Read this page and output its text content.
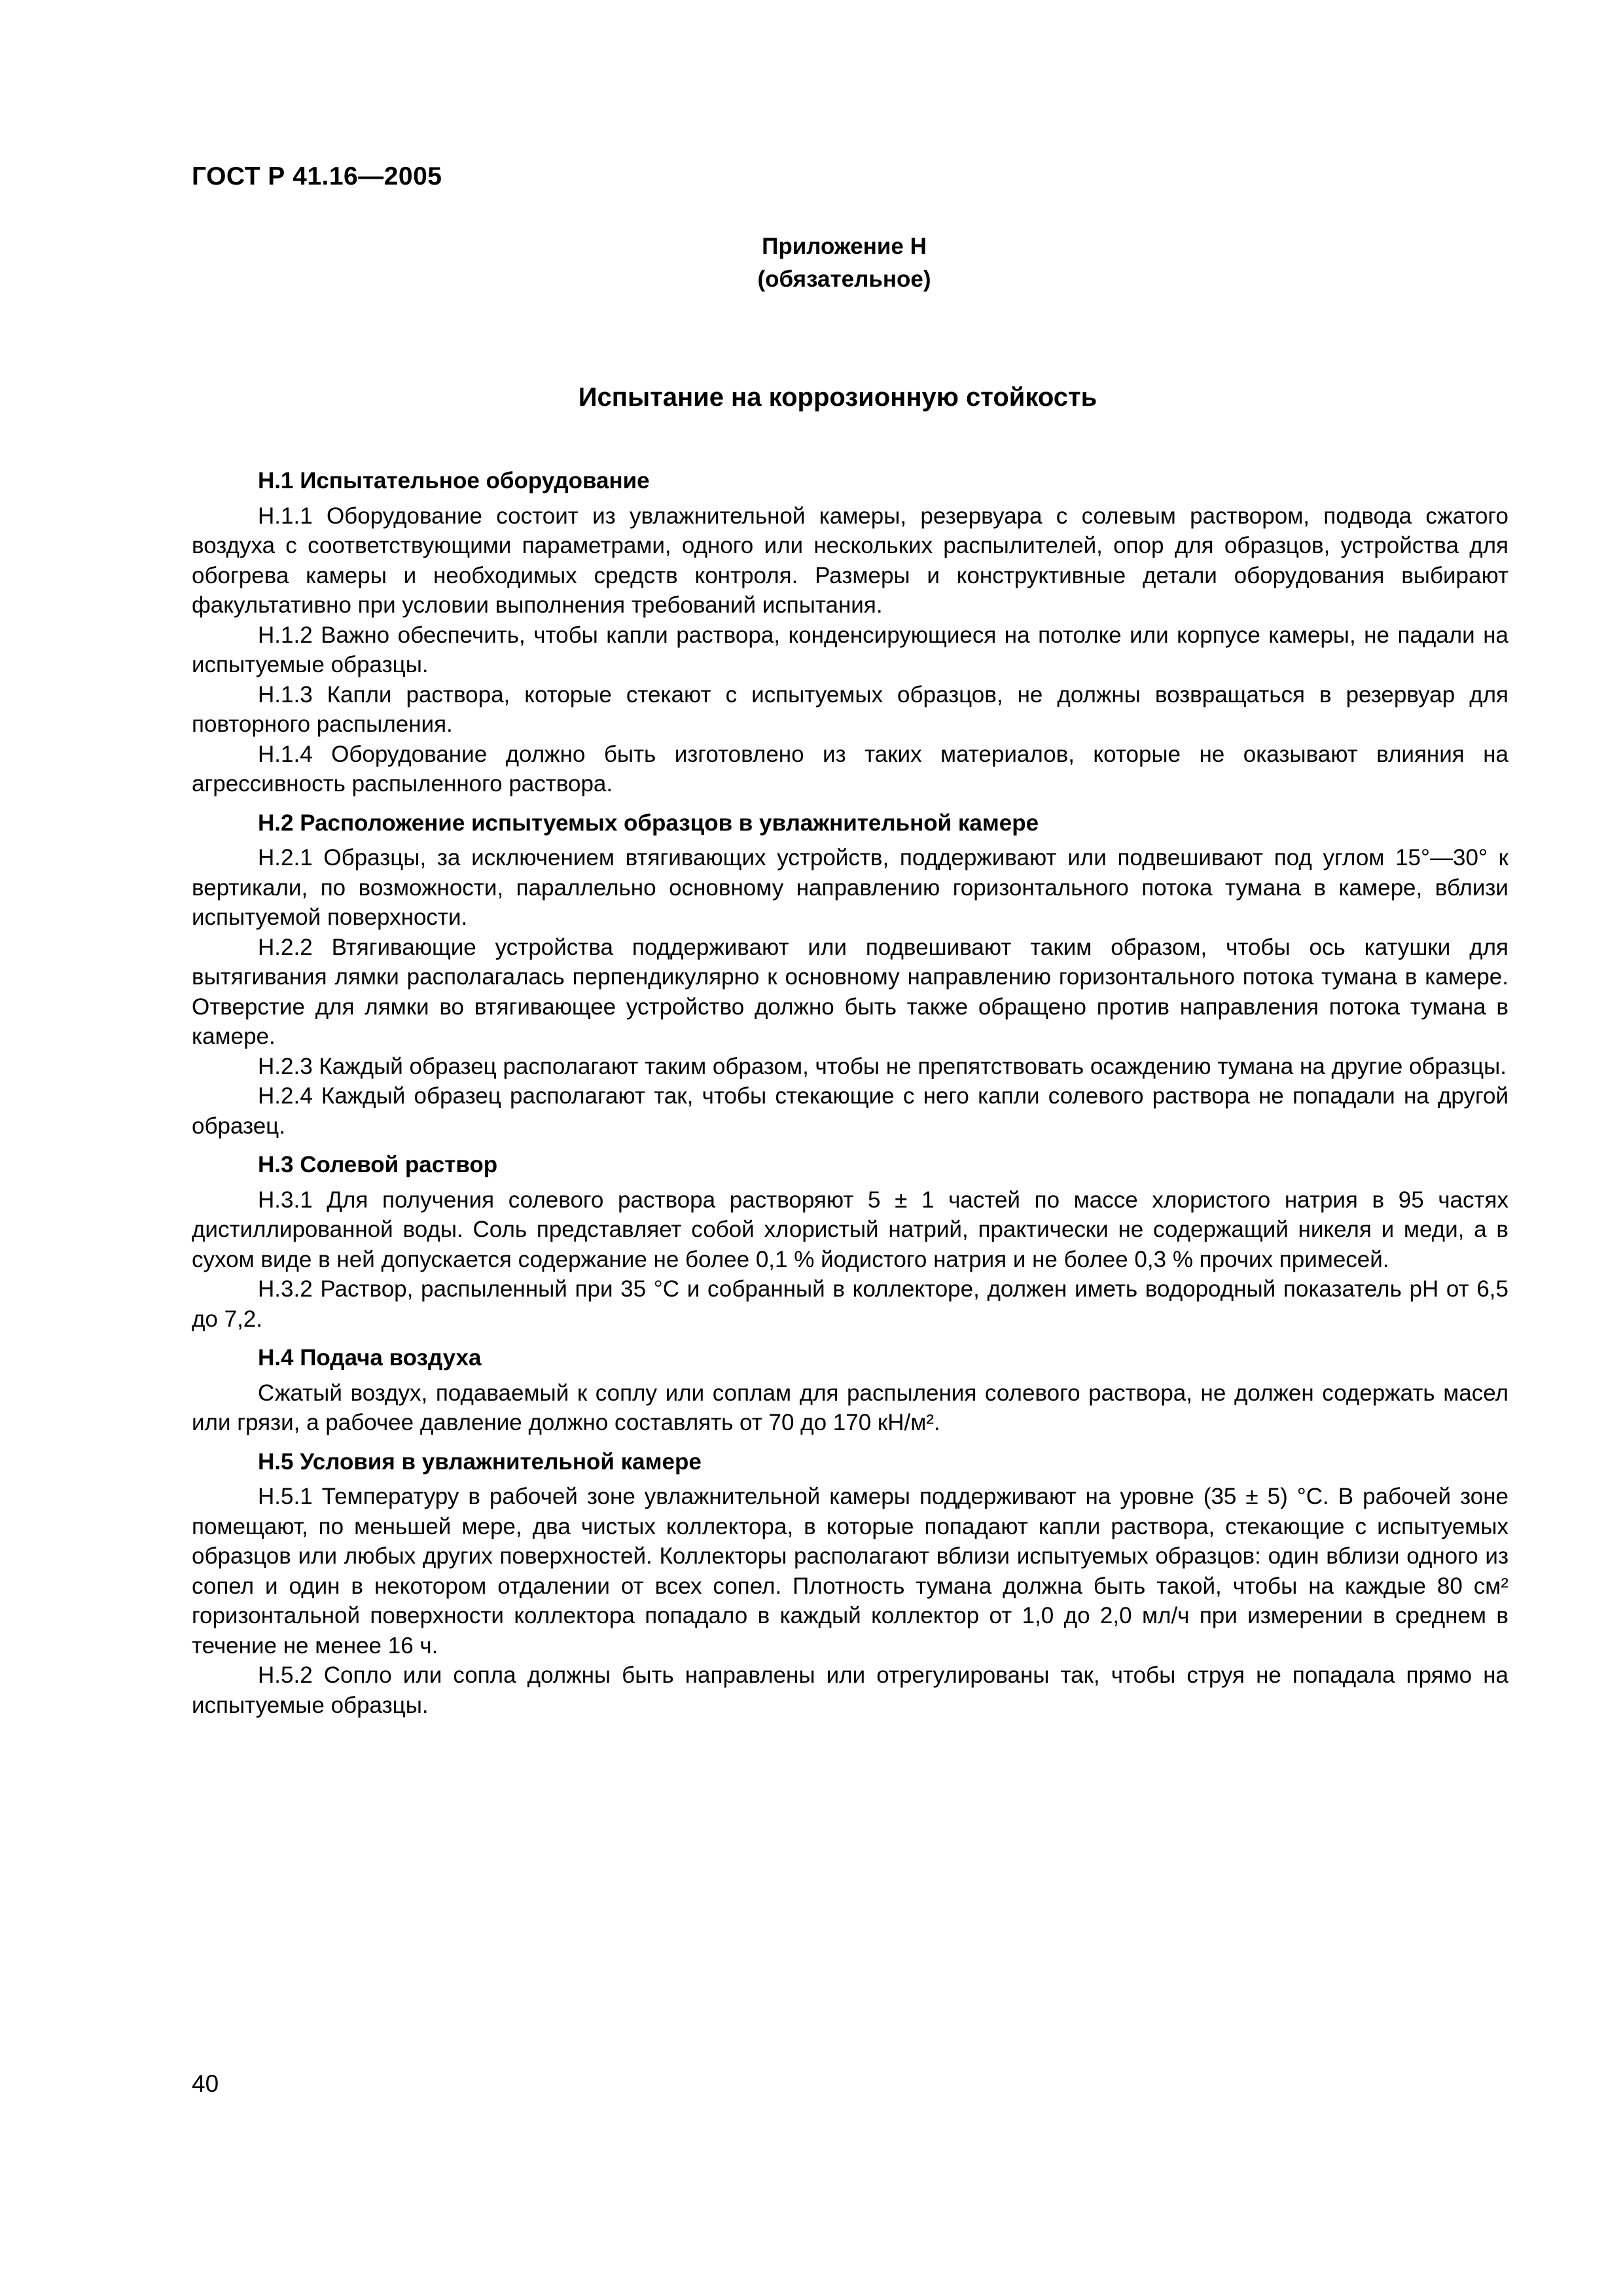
ГОСТ Р 41.16—2005
Приложение Н
(обязательное)
Испытание на коррозионную стойкость
Н.1 Испытательное оборудование

Н.1.1 Оборудование состоит из увлажнительной камеры, резервуара с солевым раствором, подвода сжатого воздуха с соответствующими параметрами, одного или нескольких распылителей, опор для образцов, устройства для обогрева камеры и необходимых средств контроля. Размеры и конструктивные детали оборудования выбирают факультативно при условии выполнения требований испытания.

Н.1.2 Важно обеспечить, чтобы капли раствора, конденсирующиеся на потолке или корпусе камеры, не падали на испытуемые образцы.

Н.1.3 Капли раствора, которые стекают с испытуемых образцов, не должны возвращаться в резервуар для повторного распыления.

Н.1.4 Оборудование должно быть изготовлено из таких материалов, которые не оказывают влияния на агрессивность распыленного раствора.

Н.2 Расположение испытуемых образцов в увлажнительной камере

Н.2.1 Образцы, за исключением втягивающих устройств, поддерживают или подвешивают под углом 15°—30° к вертикали, по возможности, параллельно основному направлению горизонтального потока тумана в камере, вблизи испытуемой поверхности.

Н.2.2 Втягивающие устройства поддерживают или подвешивают таким образом, чтобы ось катушки для вытягивания лямки располагалась перпендикулярно к основному направлению горизонтального потока тумана в камере. Отверстие для лямки во втягивающее устройство должно быть также обращено против направления потока тумана в камере.

Н.2.3 Каждый образец располагают таким образом, чтобы не препятствовать осаждению тумана на другие образцы.

Н.2.4 Каждый образец располагают так, чтобы стекающие с него капли солевого раствора не попадали на другой образец.

Н.3 Солевой раствор

Н.3.1 Для получения солевого раствора растворяют 5 ± 1 частей по массе хлористого натрия в 95 частях дистиллированной воды. Соль представляет собой хлористый натрий, практически не содержащий никеля и меди, а в сухом виде в ней допускается содержание не более 0,1 % йодистого натрия и не более 0,3 % прочих примесей.

Н.3.2 Раствор, распыленный при 35 °С и собранный в коллекторе, должен иметь водородный показатель pH от 6,5 до 7,2.

Н.4 Подача воздуха

Сжатый воздух, подаваемый к соплу или соплам для распыления солевого раствора, не должен содержать масел или грязи, а рабочее давление должно составлять от 70 до 170 кН/м².

Н.5 Условия в увлажнительной камере

Н.5.1 Температуру в рабочей зоне увлажнительной камеры поддерживают на уровне (35 ± 5) °С. В рабочей зоне помещают, по меньшей мере, два чистых коллектора, в которые попадают капли раствора, стекающие с испытуемых образцов или любых других поверхностей. Коллекторы располагают вблизи испытуемых образцов: один вблизи одного из сопел и один в некотором отдалении от всех сопел. Плотность тумана должна быть такой, чтобы на каждые 80 см² горизонтальной поверхности коллектора попадало в каждый коллектор от 1,0 до 2,0 мл/ч при измерении в среднем в течение не менее 16 ч.

Н.5.2 Сопло или сопла должны быть направлены или отрегулированы так, чтобы струя не попадала прямо на испытуемые образцы.

40
